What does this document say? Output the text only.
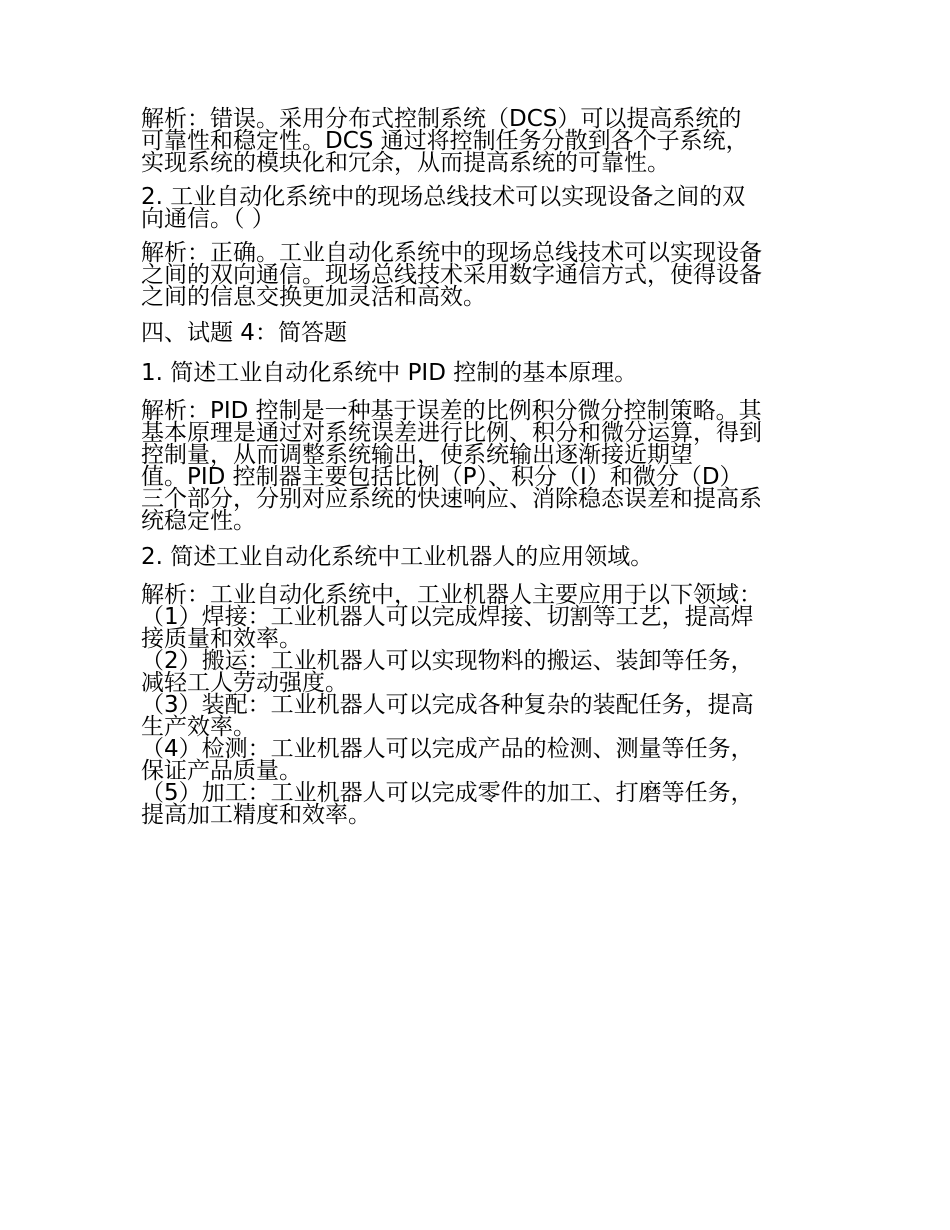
解析：错误。采用分布式控制系统（DCS）可以提高系统的
可靠性和稳定性。DCS 通过将控制任务分散到各个子系统，
实现系统的模块化和冗余，从而提高系统的可靠性。
2. 工业自动化系统中的现场总线技术可以实现设备之间的双
向通信。（ ）
解析：正确。工业自动化系统中的现场总线技术可以实现设备
之间的双向通信。现场总线技术采用数字通信方式，使得设备
之间的信息交换更加灵活和高效。
四、试题 4：简答题
1. 简述工业自动化系统中 PID 控制的基本原理。
解析：PID 控制是一种基于误差的比例积分微分控制策略。其
基本原理是通过对系统误差进行比例、积分和微分运算，得到
控制量，从而调整系统输出，使系统输出逐渐接近期望
值。PID 控制器主要包括比例（P）、积分（I）和微分（D）
三个部分，分别对应系统的快速响应、消除稳态误差和提高系
统稳定性。
2. 简述工业自动化系统中工业机器人的应用领域。
解析：工业自动化系统中，工业机器人主要应用于以下领域：
（1）焊接：工业机器人可以完成焊接、切割等工艺，提高焊
接质量和效率。
（2）搬运：工业机器人可以实现物料的搬运、装卸等任务，
减轻工人劳动强度。
（3）装配：工业机器人可以完成各种复杂的装配任务，提高
生产效率。
（4）检测：工业机器人可以完成产品的检测、测量等任务，
保证产品质量。
（5）加工：工业机器人可以完成零件的加工、打磨等任务，
提高加工精度和效率。
